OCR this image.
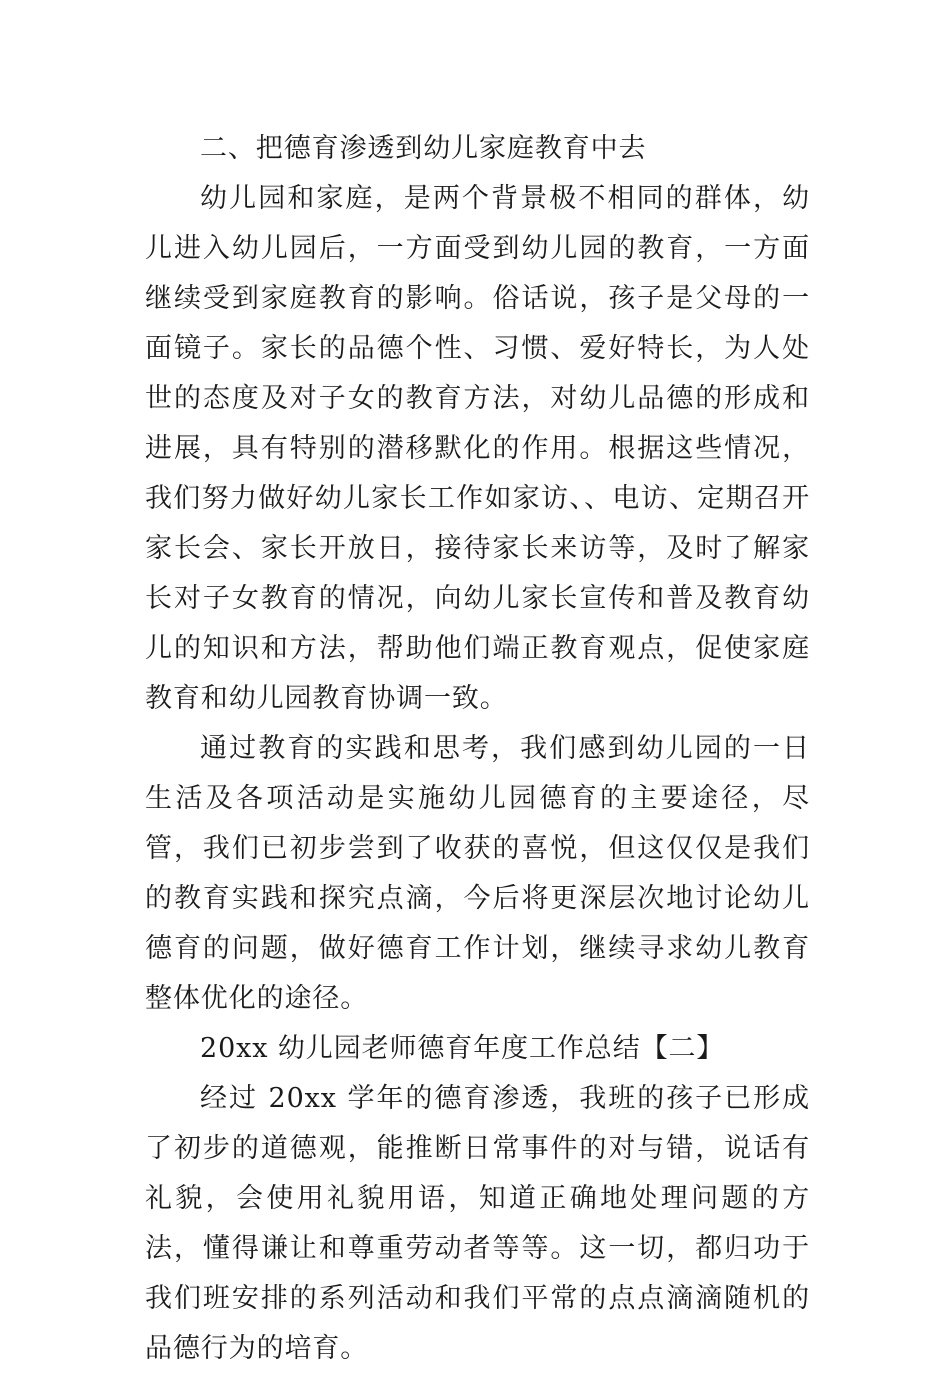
二、把德育渗透到幼儿家庭教育中去

幼儿园和家庭，是两个背景极不相同的群体，幼儿进入幼儿园后，一方面受到幼儿园的教育，一方面继续受到家庭教育的影响。俗话说，孩子是父母的一面镜子。家长的品德个性、习惯、爱好特长，为人处世的态度及对子女的教育方法，对幼儿品德的形成和进展，具有特别的潜移默化的作用。根据这些情况，我们努力做好幼儿家长工作如家访、、电访、定期召开家长会、家长开放日，接待家长来访等，及时了解家长对子女教育的情况，向幼儿家长宣传和普及教育幼儿的知识和方法，帮助他们端正教育观点，促使家庭教育和幼儿园教育协调一致。

通过教育的实践和思考，我们感到幼儿园的一日生活及各项活动是实施幼儿园德育的主要途径，尽管，我们已初步尝到了收获的喜悦，但这仅仅是我们的教育实践和探究点滴，今后将更深层次地讨论幼儿德育的问题，做好德育工作计划，继续寻求幼儿教育整体优化的途径。

20xx 幼儿园老师德育年度工作总结【二】

经过 20xx 学年的德育渗透，我班的孩子已形成了初步的道德观，能推断日常事件的对与错，说话有礼貌，会使用礼貌用语，知道正确地处理问题的方法，懂得谦让和尊重劳动者等等。这一切，都归功于我们班安排的系列活动和我们平常的点点滴滴随机的品德行为的培育。
